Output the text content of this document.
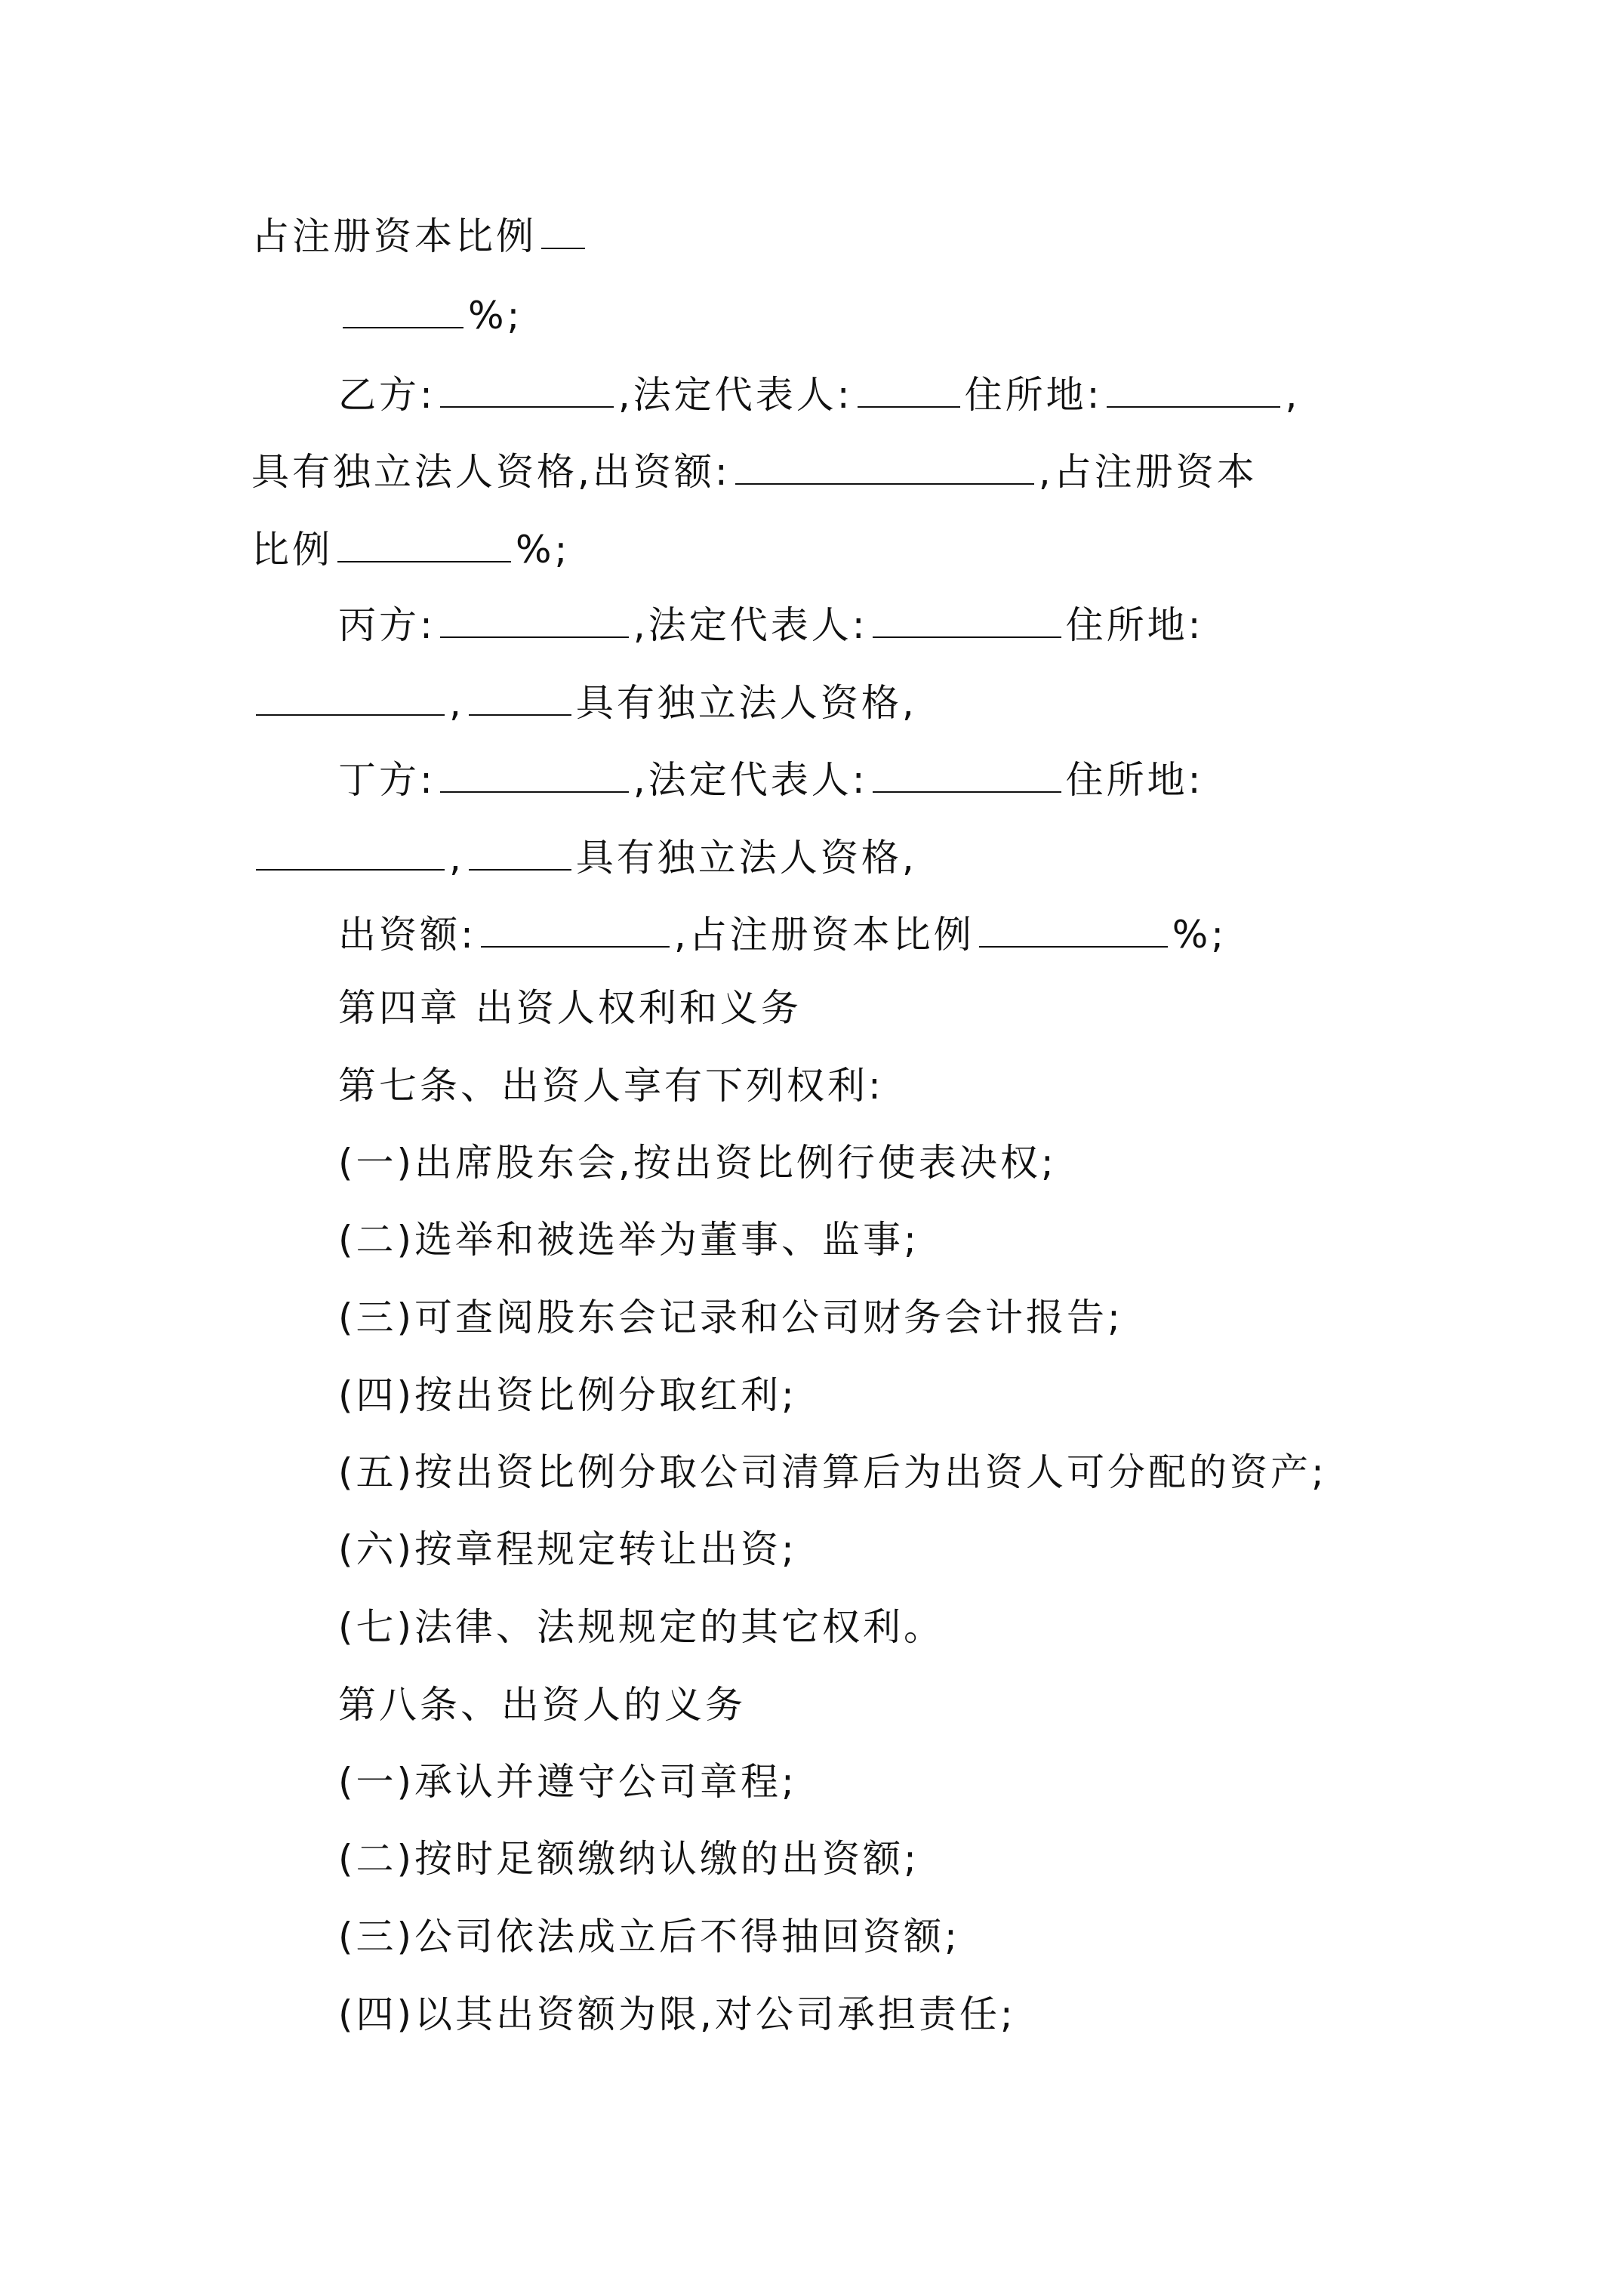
占注册资本比例
%;
乙方:	,法定代表人:	住所地:	,
具有独立法人资格,出资额:	,占注册资本
比例	%;
丙方:	,法定代表人:	住所地:
,	具有独立法人资格,
丁方:	,法定代表人:	住所地:
,	具有独立法人资格,
出资额:	,占注册资本比例	%;
第四章 出资人权利和义务
第七条、出资人享有下列权利:
(一)出席股东会,按出资比例行使表决权;
(二)选举和被选举为董事、监事;
(三)可查阅股东会记录和公司财务会计报告;
(四)按出资比例分取红利;
(五)按出资比例分取公司清算后为出资人可分配的资产;
(六)按章程规定转让出资;
(七)法律、法规规定的其它权利。
第八条、出资人的义务
(一)承认并遵守公司章程;
(二)按时足额缴纳认缴的出资额;
(三)公司依法成立后不得抽回资额;
(四)以其出资额为限,对公司承担责任;
